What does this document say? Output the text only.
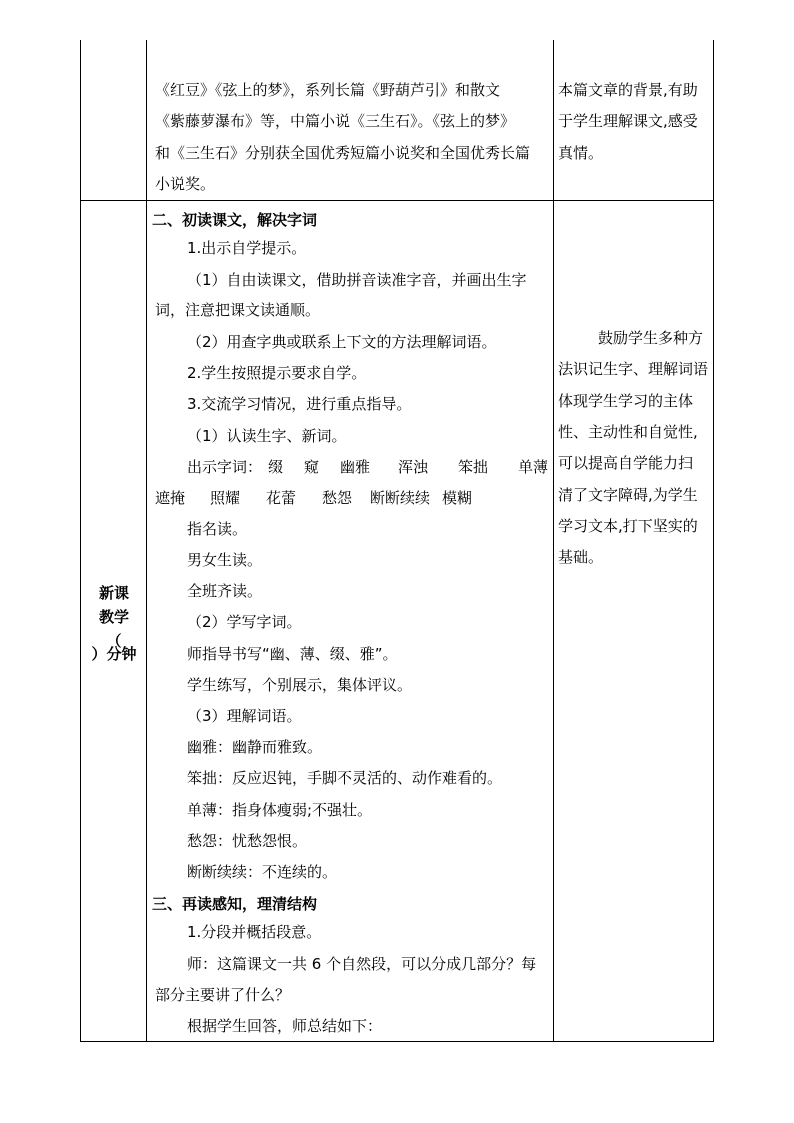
《红豆》《弦上的梦》，系列长篇《野葫芦引》和散文
《紫藤萝瀑布》等，中篇小说《三生石》。《弦上的梦》
和《三生石》分别获全国优秀短篇小说奖和全国优秀长篇
小说奖。
本篇文章的背景,有助
于学生理解课文,感受
真情。
新课
教学
（
）分钟
二、初读课文，解决字词
1.出示自学提示。
（1）自由读课文，借助拼音读准字音，并画出生字
词，注意把课文读通顺。
（2）用查字典或联系上下文的方法理解词语。
2.学生按照提示要求自学。
3.交流学习情况，进行重点指导。
（1）认读生字、新词。
出示字词： 缀 窥 幽雅 浑浊 笨拙 单薄
遮掩 照耀 花蕾 愁怨 断断续续 模糊
指名读。
男女生读。
全班齐读。
（2）学写字词。
师指导书写“幽、薄、缀、雅”。
学生练写，个别展示，集体评议。
（3）理解词语。
幽雅：幽静而雅致。
笨拙：反应迟钝，手脚不灵活的、动作难看的。
单薄：指身体瘦弱;不强壮。
愁怨：忧愁怨恨。
断断续续：不连续的。
三、再读感知，理清结构
1.分段并概括段意。
师：这篇课文一共 6 个自然段，可以分成几部分？每
部分主要讲了什么？
根据学生回答，师总结如下：
鼓励学生多种方
法识记生字、理解词语
体现学生学习的主体
性、主动性和自觉性,
可以提高自学能力扫
清了文字障碍,为学生
学习文本,打下坚实的
基础。
